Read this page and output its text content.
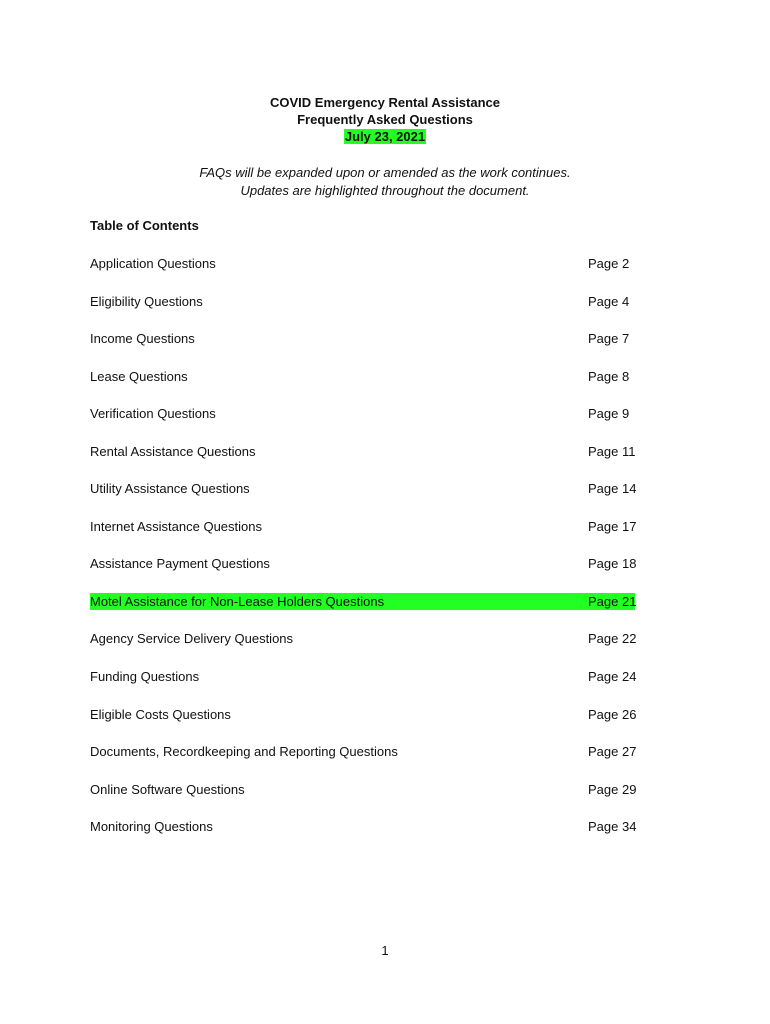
COVID Emergency Rental Assistance
Frequently Asked Questions
July 23, 2021
FAQs will be expanded upon or amended as the work continues.
Updates are highlighted throughout the document.
Table of Contents
Application Questions	Page 2
Eligibility Questions	Page 4
Income Questions	Page 7
Lease Questions	Page 8
Verification Questions	Page 9
Rental Assistance Questions	Page 11
Utility Assistance Questions	Page 14
Internet Assistance Questions	Page 17
Assistance Payment Questions	Page 18
Motel Assistance for Non-Lease Holders Questions	Page 21
Agency Service Delivery Questions	Page 22
Funding Questions	Page 24
Eligible Costs Questions	Page 26
Documents, Recordkeeping and Reporting Questions	Page 27
Online Software Questions	Page 29
Monitoring Questions	Page 34
1
